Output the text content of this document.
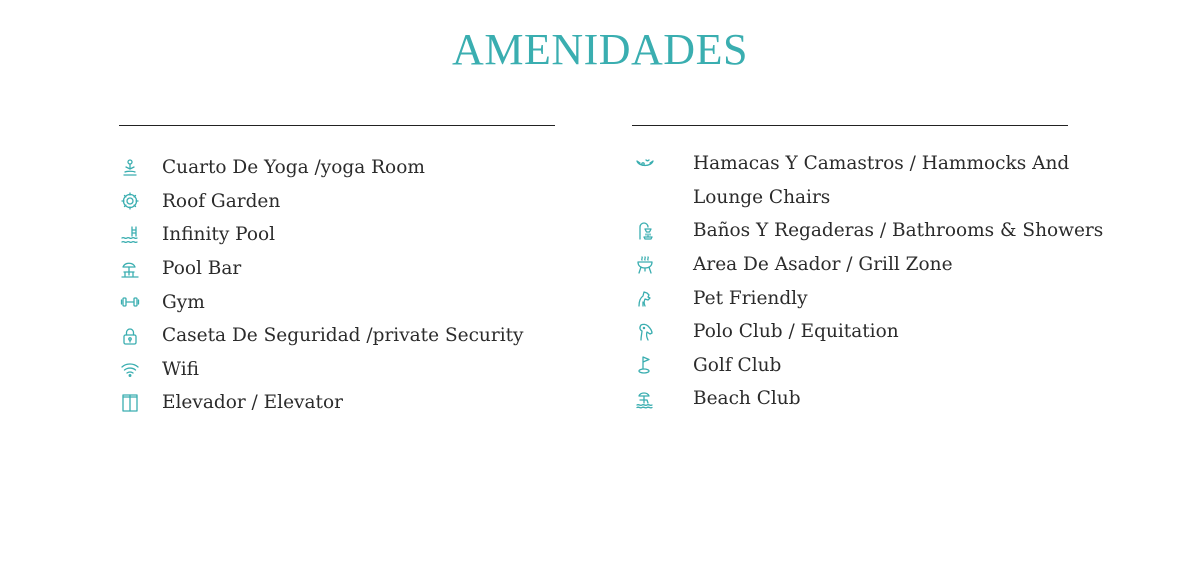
AMENIDADES
Cuarto De Yoga /yoga Room
Roof Garden
Infinity Pool
Pool Bar
Gym
Caseta De Seguridad /private Security
Wifi
Elevador / Elevator
Hamacas Y Camastros / Hammocks And Lounge Chairs
Baños Y Regaderas / Bathrooms & Showers
Area De Asador / Grill Zone
Pet Friendly
Polo Club / Equitation
Golf Club
Beach Club
